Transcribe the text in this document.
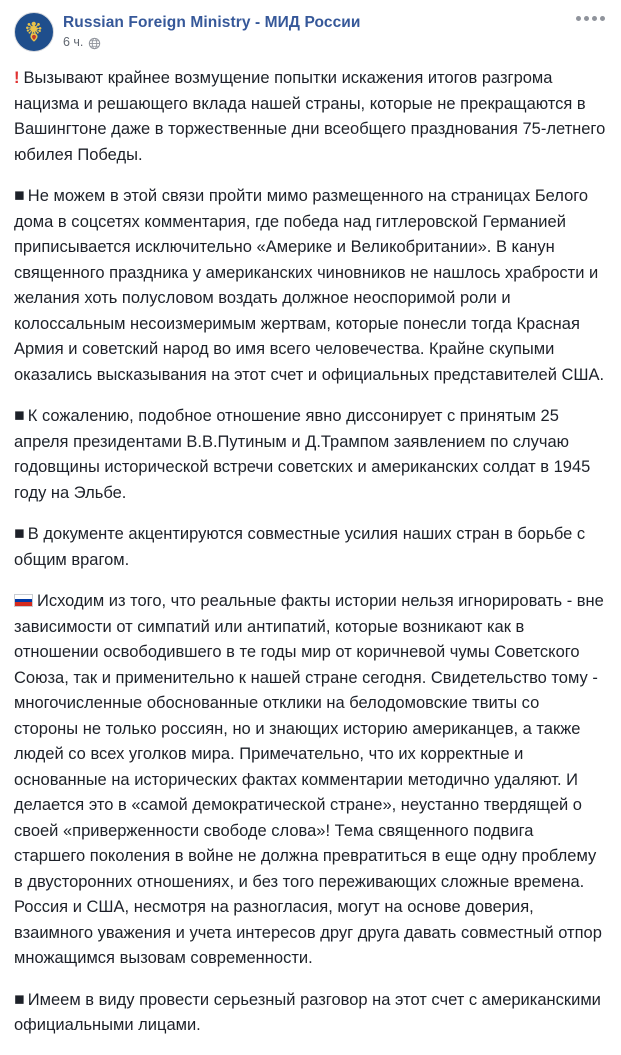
Russian Foreign Ministry - МИД России
6 ч.

! Вызывают крайнее возмущение попытки искажения итогов разгрома нацизма и решающего вклада нашей страны, которые не прекращаются в Вашингтоне даже в торжественные дни всеобщего празднования 75-летнего юбилея Победы.

◼ Не можем в этой связи пройти мимо размещенного на страницах Белого дома в соцсетях комментария, где победа над гитлеровской Германией приписывается исключительно «Америке и Великобритании». В канун священного праздника у американских чиновников не нашлось храбрости и желания хоть полусловом воздать должное неоспоримой роли и колоссальным несоизмеримым жертвам, которые понесли тогда Красная Армия и советский народ во имя всего человечества. Крайне скупыми оказались высказывания на этот счет и официальных представителей США.

◼ К сожалению, подобное отношение явно диссонирует с принятым 25 апреля президентами В.В.Путиным и Д.Трампом заявлением по случаю годовщины исторической встречи советских и американских солдат в 1945 году на Эльбе.

◼ В документе акцентируются совместные усилия наших стран в борьбе с общим врагом.

Исходим из того, что реальные факты истории нельзя игнорировать - вне зависимости от симпатий или антипатий, которые возникают как в отношении освободившего в те годы мир от коричневой чумы Советского Союза, так и применительно к нашей стране сегодня. Свидетельство тому - многочисленные обоснованные отклики на белодомовские твиты со стороны не только россиян, но и знающих историю американцев, а также людей со всех уголков мира. Примечательно, что их корректные и основанные на исторических фактах комментарии методично удаляют. И делается это в «самой демократической стране», неустанно твердящей о своей «приверженности свободе слова»! Тема священного подвига старшего поколения в войне не должна превратиться в еще одну проблему в двусторонних отношениях, и без того переживающих сложные времена. Россия и США, несмотря на разногласия, могут на основе доверия, взаимного уважения и учета интересов друг друга давать совместный отпор множащимся вызовам современности.

◼ Имеем в виду провести серьезный разговор на этот счет с американскими официальными лицами.
